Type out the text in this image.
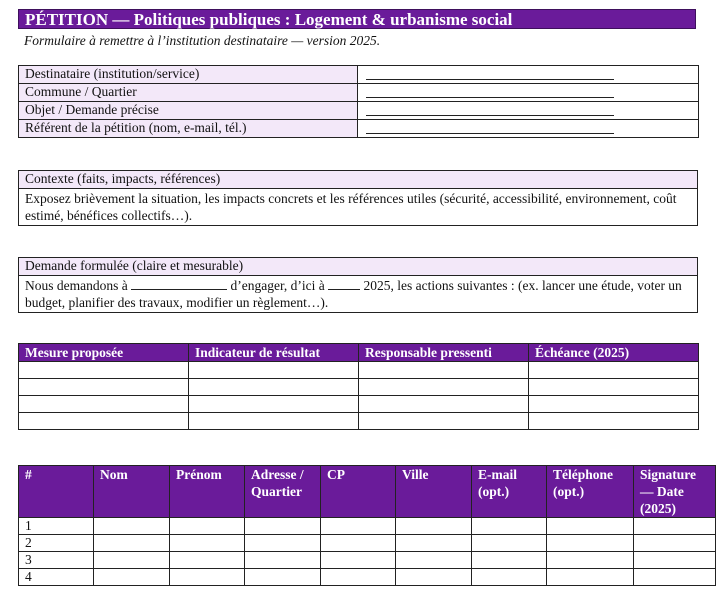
PÉTITION — Politiques publiques : Logement & urbanisme social
Formulaire à remettre à l’institution destinataire — version 2025.
Destinataire (institution/service)	

Commune / Quartier	

Objet / Demande précise	

Référent de la pétition (nom, e-mail, tél.)	
Contexte (faits, impacts, références)
Exposez brièvement la situation, les impacts concrets et les références utiles (sécurité, accessibilité, environnement, coût estimé, bénéfices collectifs…).
Demande formulée (claire et mesurable)
Nous demandons à	d’engager, d’ici à	2025, les actions suivantes : (ex. lancer une étude, voter un budget, planifier des travaux, modifier un règlement…).
Mesure proposée	Indicateur de résultat	Responsable pressenti	Échéance (2025)

#	Nom	Prénom	Adresse / Quartier	CP	Ville	E-mail (opt.)	Téléphone (opt.)	Signature — Date (2025)
1								
2								
3								
4								
